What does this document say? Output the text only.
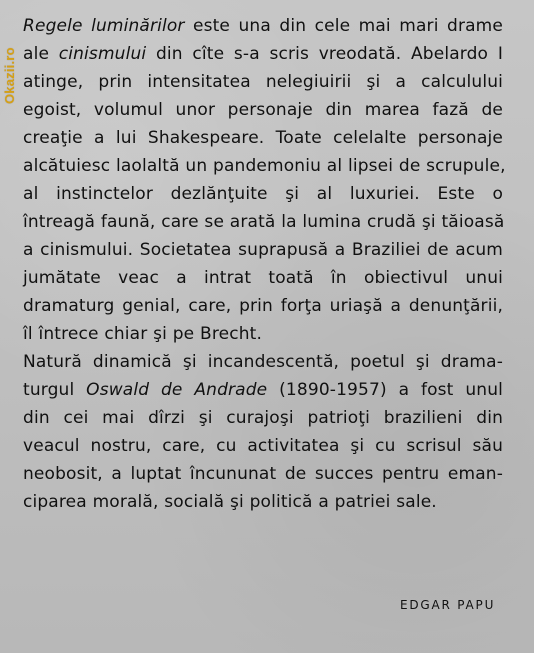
Okazii.ro
Regele luminărilor este una din cele mai mari drame
ale cinismului din cîte s-a scris vreodată. Abelardo I
atinge, prin intensitatea nelegiuirii şi a calculului
egoist, volumul unor personaje din marea fază de
creaţie a lui Shakespeare. Toate celelalte personaje
alcătuiesc laolaltă un pandemoniu al lipsei de scrupule,
al instinctelor dezlănţuite şi al luxuriei. Este o
întreagă faună, care se arată la lumina crudă şi tăioasă
a cinismului. Societatea suprapusă a Braziliei de acum
jumătate veac a intrat toată în obiectivul unui
dramaturg genial, care, prin forţa uriaşă a denunţării,
îl întrece chiar şi pe Brecht.
Natură dinamică şi incandescentă, poetul şi drama-
turgul Oswald de Andrade (1890-1957) a fost unul
din cei mai dîrzi şi curajoşi patrioţi brazilieni din
veacul nostru, care, cu activitatea şi cu scrisul său
neobosit, a luptat încununat de succes pentru eman-
ciparea morală, socială şi politică a patriei sale.
EDGAR PAPU
